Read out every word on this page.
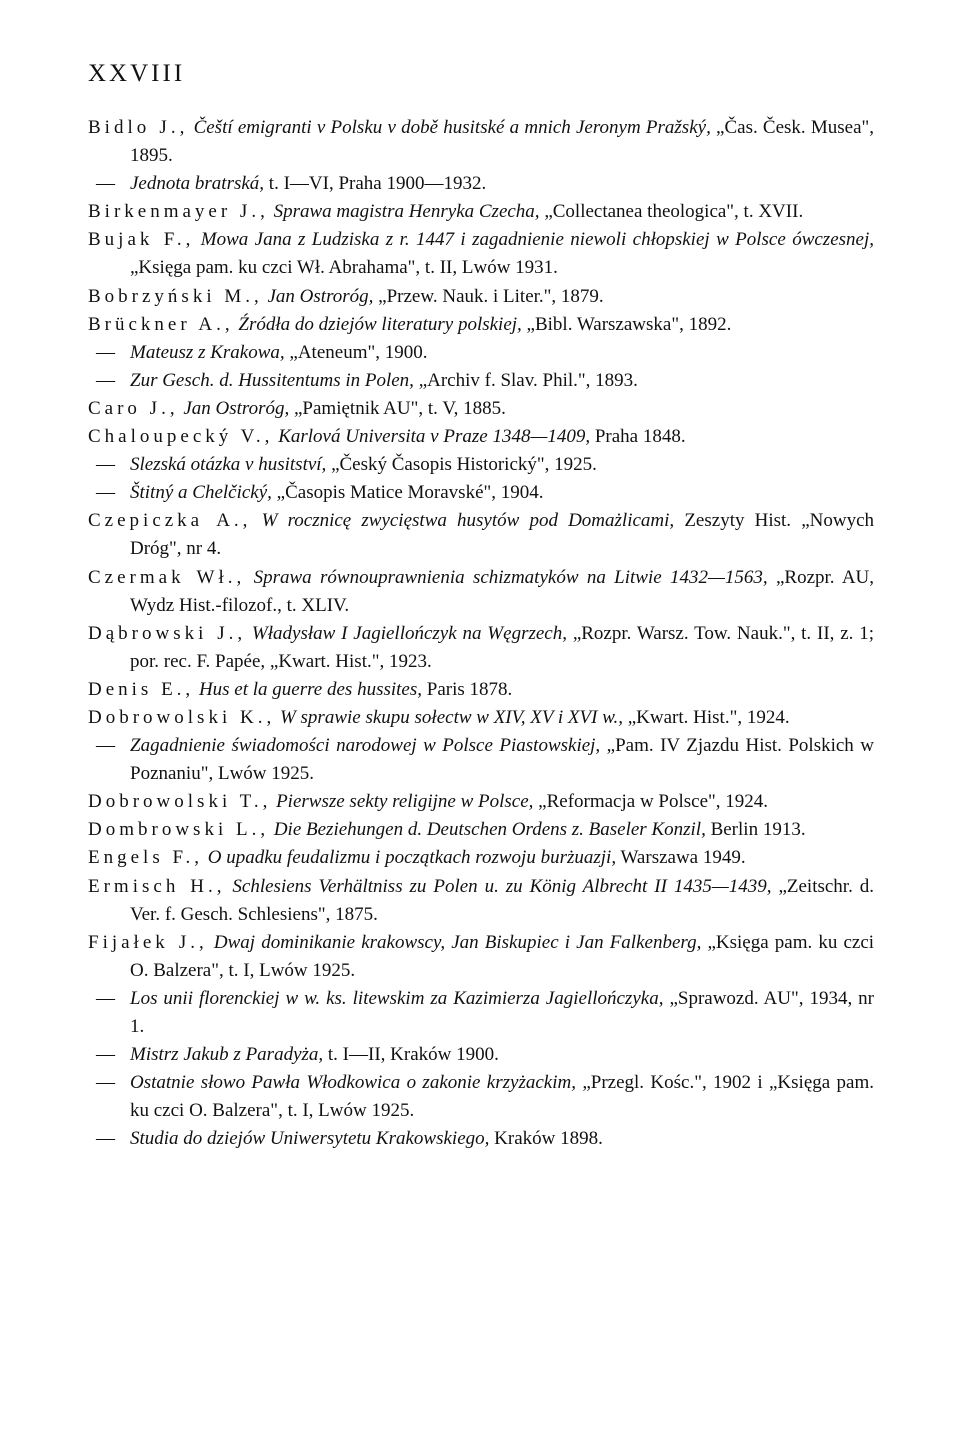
XXVIII
Bidlo J., Čeští emigranti v Polsku v době husitské a mnich Jeronym Pražský, „Čas. Česk. Musea", 1895.
— Jednota bratrská, t. I—VI, Praha 1900—1932.
Birkenmayer J., Sprawa magistra Henryka Czecha, „Collectanea theologica", t. XVII.
Bujak F., Mowa Jana z Ludziska z r. 1447 i zagadnienie niewoli chłopskiej w Polsce ówczesnej, „Księga pam. ku czci Wł. Abrahama", t. II, Lwów 1931.
Bobrzyński M., Jan Ostroróg, „Przew. Nauk. i Liter.", 1879.
Brückner A., Źródła do dziejów literatury polskiej, „Bibl. Warszawska", 1892.
— Mateusz z Krakowa, „Ateneum", 1900.
— Zur Gesch. d. Hussitentums in Polen, „Archiv f. Slav. Phil.", 1893.
Caro J., Jan Ostroróg, „Pamiętnik AU", t. V, 1885.
Chaloupecký V., Karlová Universita v Praze 1348—1409, Praha 1848.
— Slezská otázka v husitství, „Český Časopis Historický", 1925.
— Štitný a Chelčický, „Časopis Matice Moravské", 1904.
Czepiczka A., W rocznicę zwycięstwa husytów pod Domażlicami, Zeszyty Hist. „Nowych Dróg", nr 4.
Czermak Wł., Sprawa równouprawnienia schizmatyków na Litwie 1432—1563, „Rozpr. AU, Wydz Hist.-filozof., t. XLIV.
Dąbrowski J., Władysław I Jagiellończyk na Węgrzech, „Rozpr. Warsz. Tow. Nauk.", t. II, z. 1; por. rec. F. Papée, „Kwart. Hist.", 1923.
Denis E., Hus et la guerre des hussites, Paris 1878.
Dobrowolski K., W sprawie skupu sołectw w XIV, XV i XVI w., „Kwart. Hist.", 1924.
— Zagadnienie świadomości narodowej w Polsce Piastowskiej, „Pam. IV Zjazdu Hist. Polskich w Poznaniu", Lwów 1925.
Dobrowolski T., Pierwsze sekty religijne w Polsce, „Reformacja w Polsce", 1924.
Dombrowski L., Die Beziehungen d. Deutschen Ordens z. Baseler Konzil, Berlin 1913.
Engels F., O upadku feudalizmu i początkach rozwoju burżuazji, Warszawa 1949.
Ermisch H., Schlesiens Verhältniss zu Polen u. zu König Albrecht II 1435—1439, „Zeitschr. d. Ver. f. Gesch. Schlesiens", 1875.
Fijałek J., Dwaj dominikanie krakowscy, Jan Biskupiec i Jan Falkenberg, „Księga pam. ku czci O. Balzera", t. I, Lwów 1925.
— Los unii florenckiej w w. ks. litewskim za Kazimierza Jagiellończyka, „Sprawozd. AU", 1934, nr 1.
— Mistrz Jakub z Paradyża, t. I—II, Kraków 1900.
— Ostatnie słowo Pawła Włodkowica o zakonie krzyżackim, „Przegl. Kośc.", 1902 i „Księga pam. ku czci O. Balzera", t. I, Lwów 1925.
— Studia do dziejów Uniwersytetu Krakowskiego, Kraków 1898.
